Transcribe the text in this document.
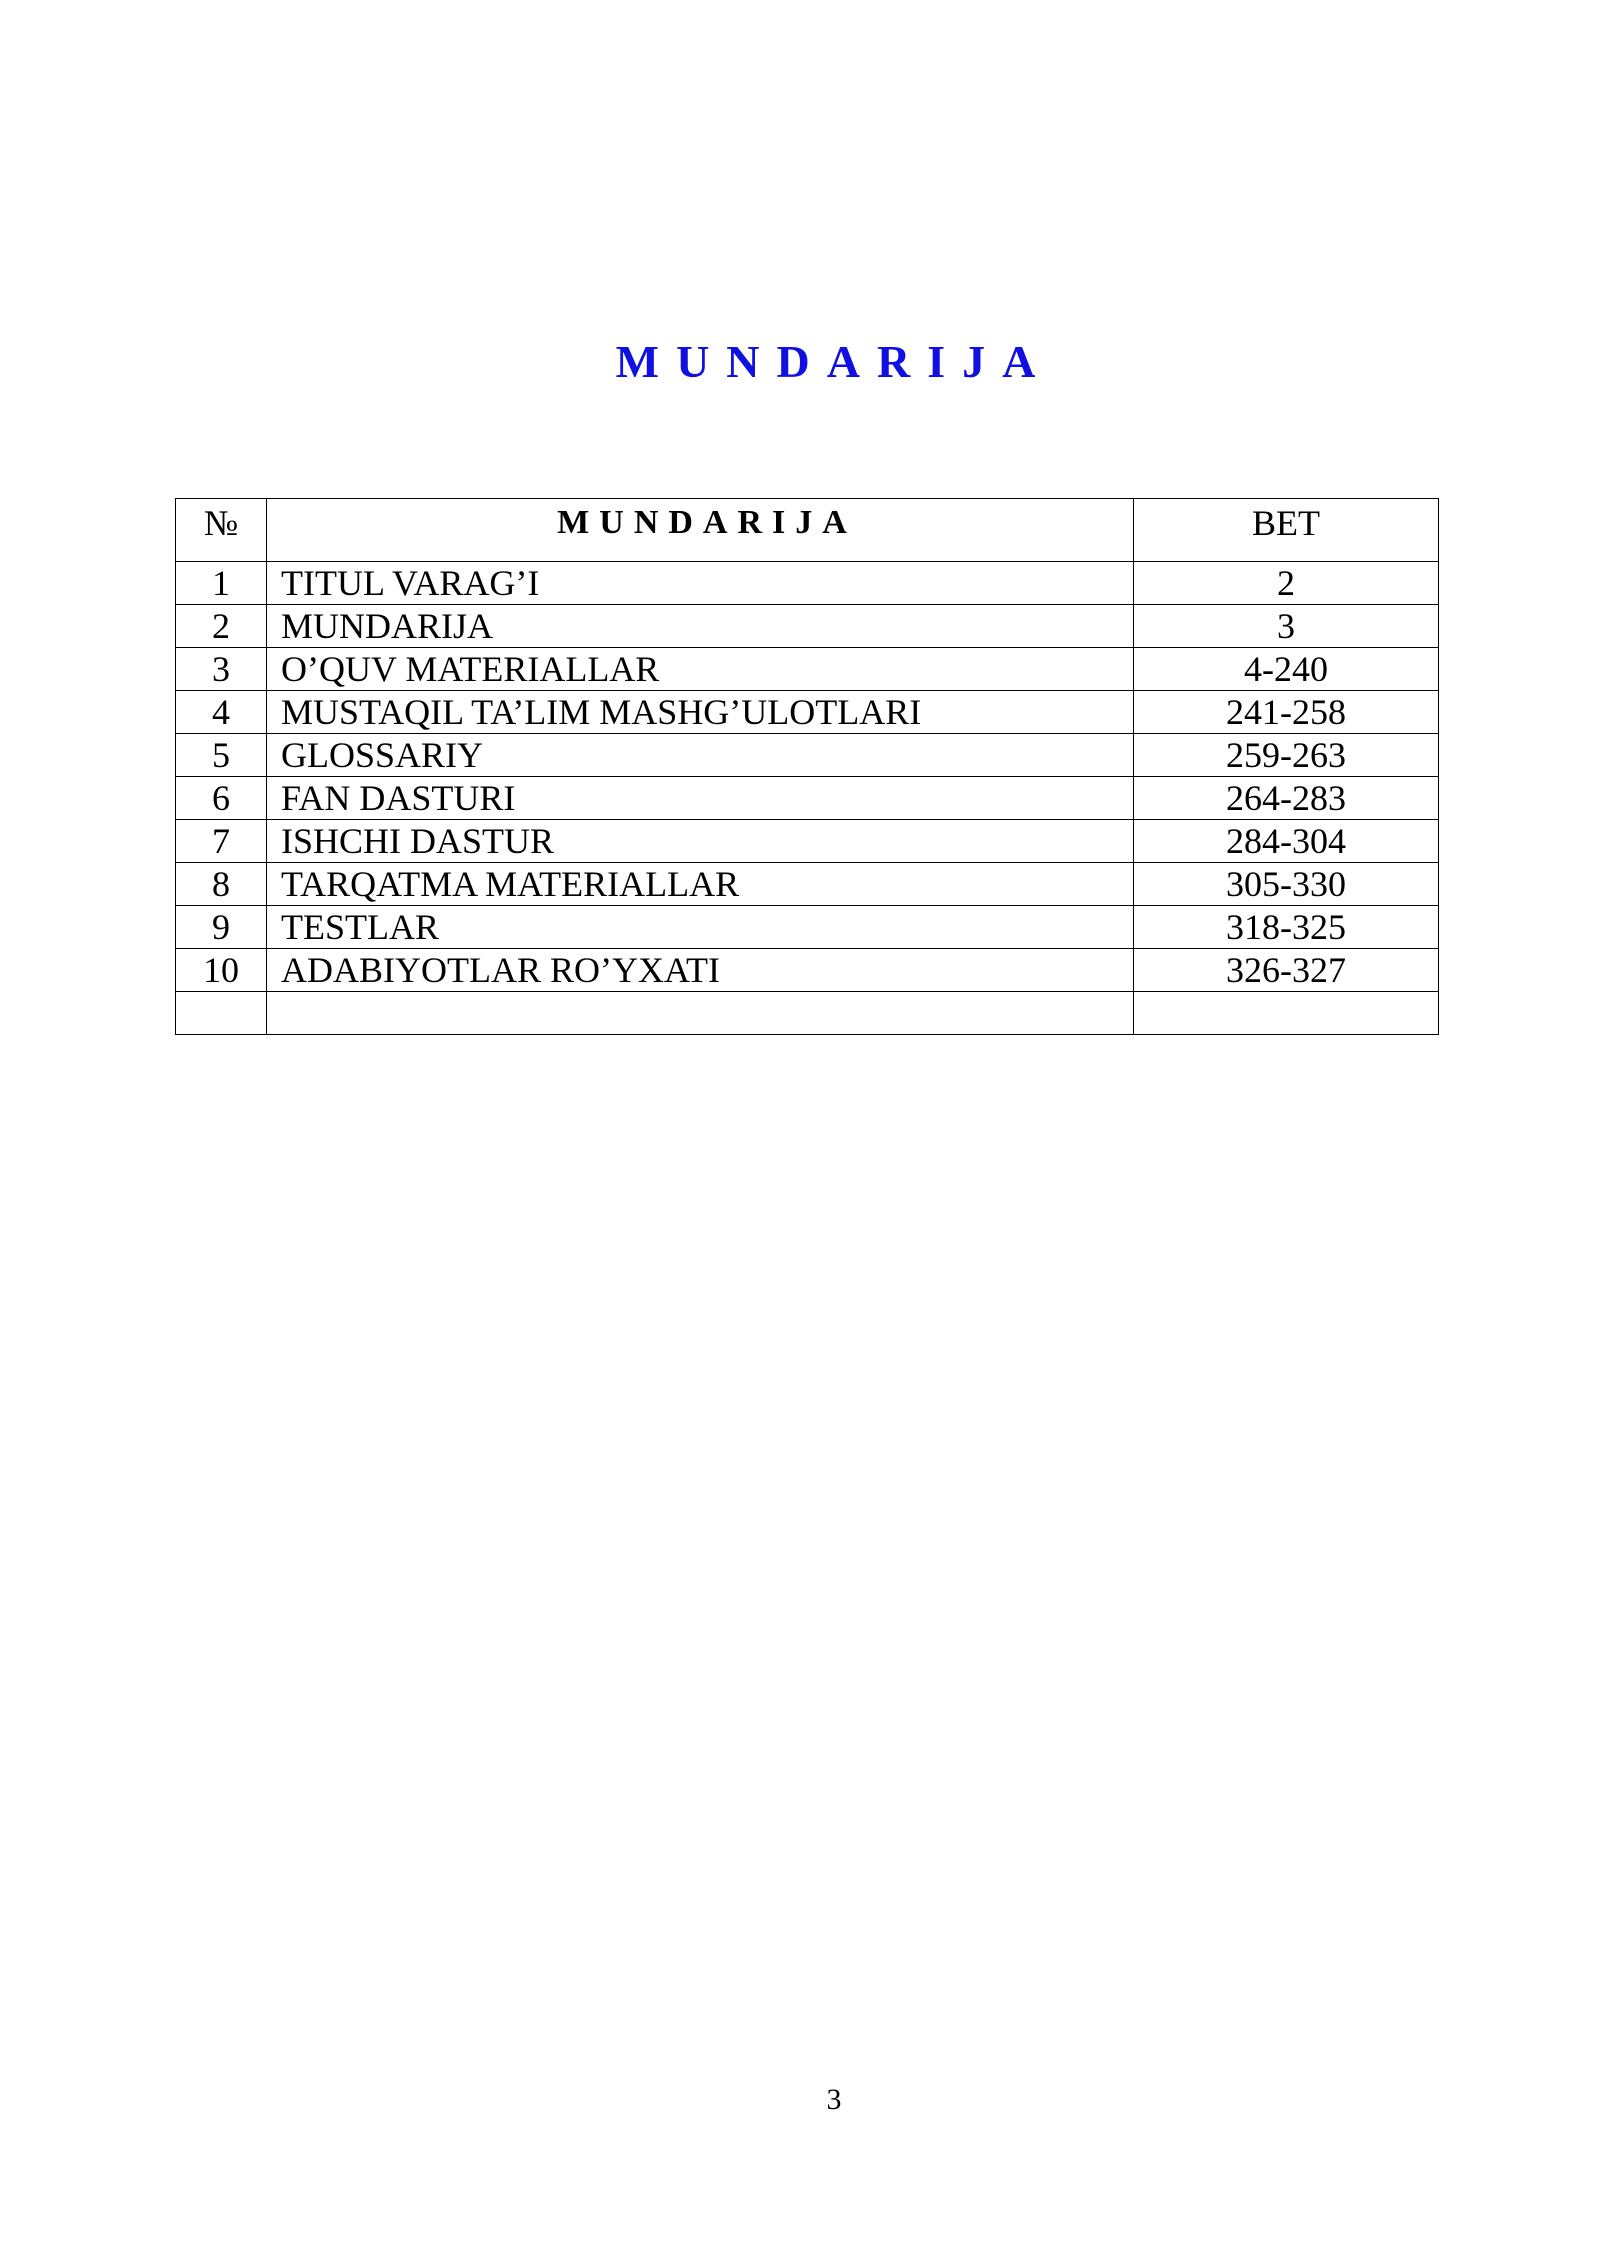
MUNDARIJA
№	MUNDARIJA	BET
1	TITUL VARAG’I	2
2	MUNDARIJA	3
3	O’QUV MATERIALLAR	4-240
4	MUSTAQIL TA’LIM MASHG’ULOTLARI	241-258
5	GLOSSARIY	259-263
6	FAN DASTURI	264-283
7	ISHCHI DASTUR	284-304
8	TARQATMA MATERIALLAR	305-330
9	TESTLAR	318-325
10	ADABIYOTLAR RO’YXATI	326-327

3
